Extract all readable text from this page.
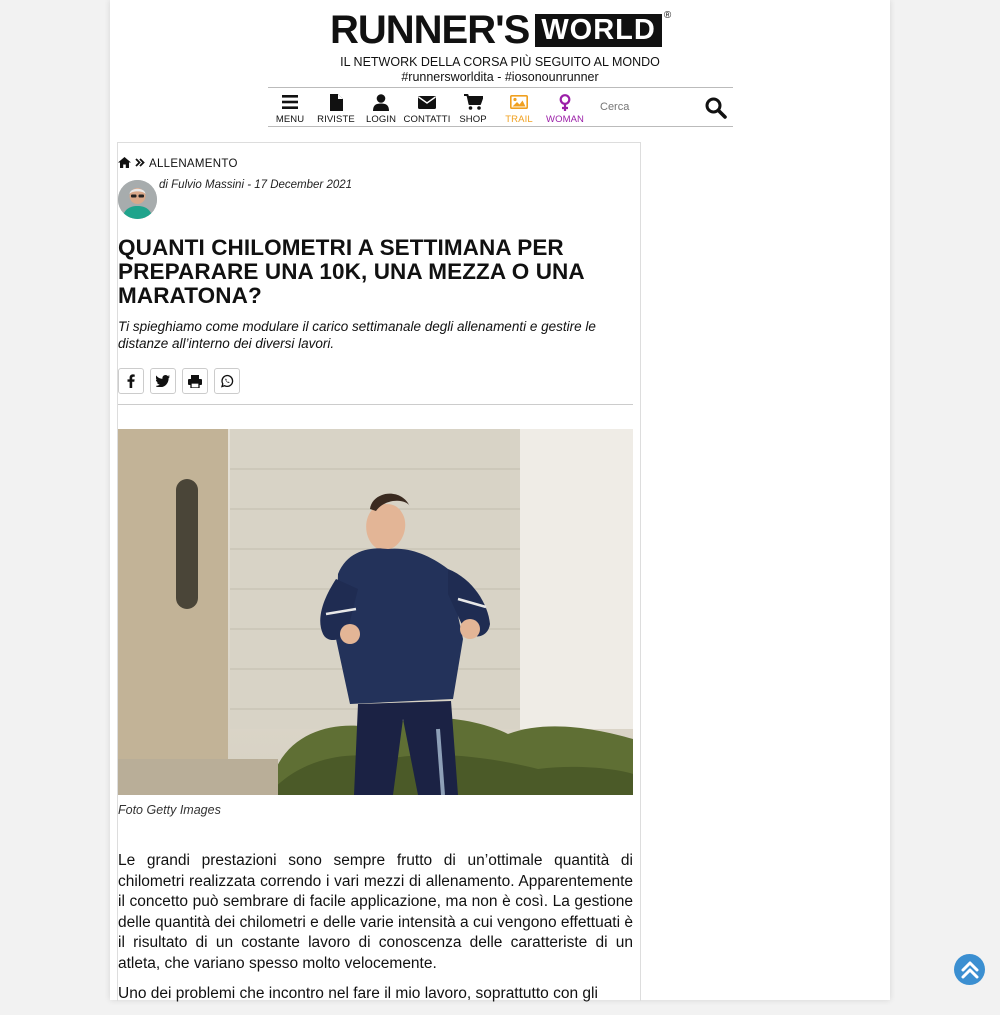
RUNNER'S WORLD ®
IL NETWORK DELLA CORSA PIÙ SEGUITO AL MONDO
#runnersworldita - #iosonounrunner
MENU RIVISTE LOGIN CONTATTI SHOP TRAIL WOMAN
Cerca
ALLENAMENTO
di Fulvio Massini - 17 December 2021
QUANTI CHILOMETRI A SETTIMANA PER PREPARARE UNA 10K, UNA MEZZA O UNA MARATONA?

Ti spieghiamo come modulare il carico settimanale degli allenamenti e gestire le distanze all’interno dei diversi lavori.

Foto Getty Images

Le grandi prestazioni sono sempre frutto di un’ottimale quantità di chilometri realizzata correndo i vari mezzi di allenamento. Apparentemente il concetto può sembrare di facile applicazione, ma non è così. La gestione delle quantità dei chilometri e delle varie intensità a cui vengono effettuati è il risultato di un costante lavoro di conoscenza delle caratteriste di un atleta, che variano spesso molto velocemente.

Uno dei problemi che incontro nel fare il mio lavoro, soprattutto con gli
